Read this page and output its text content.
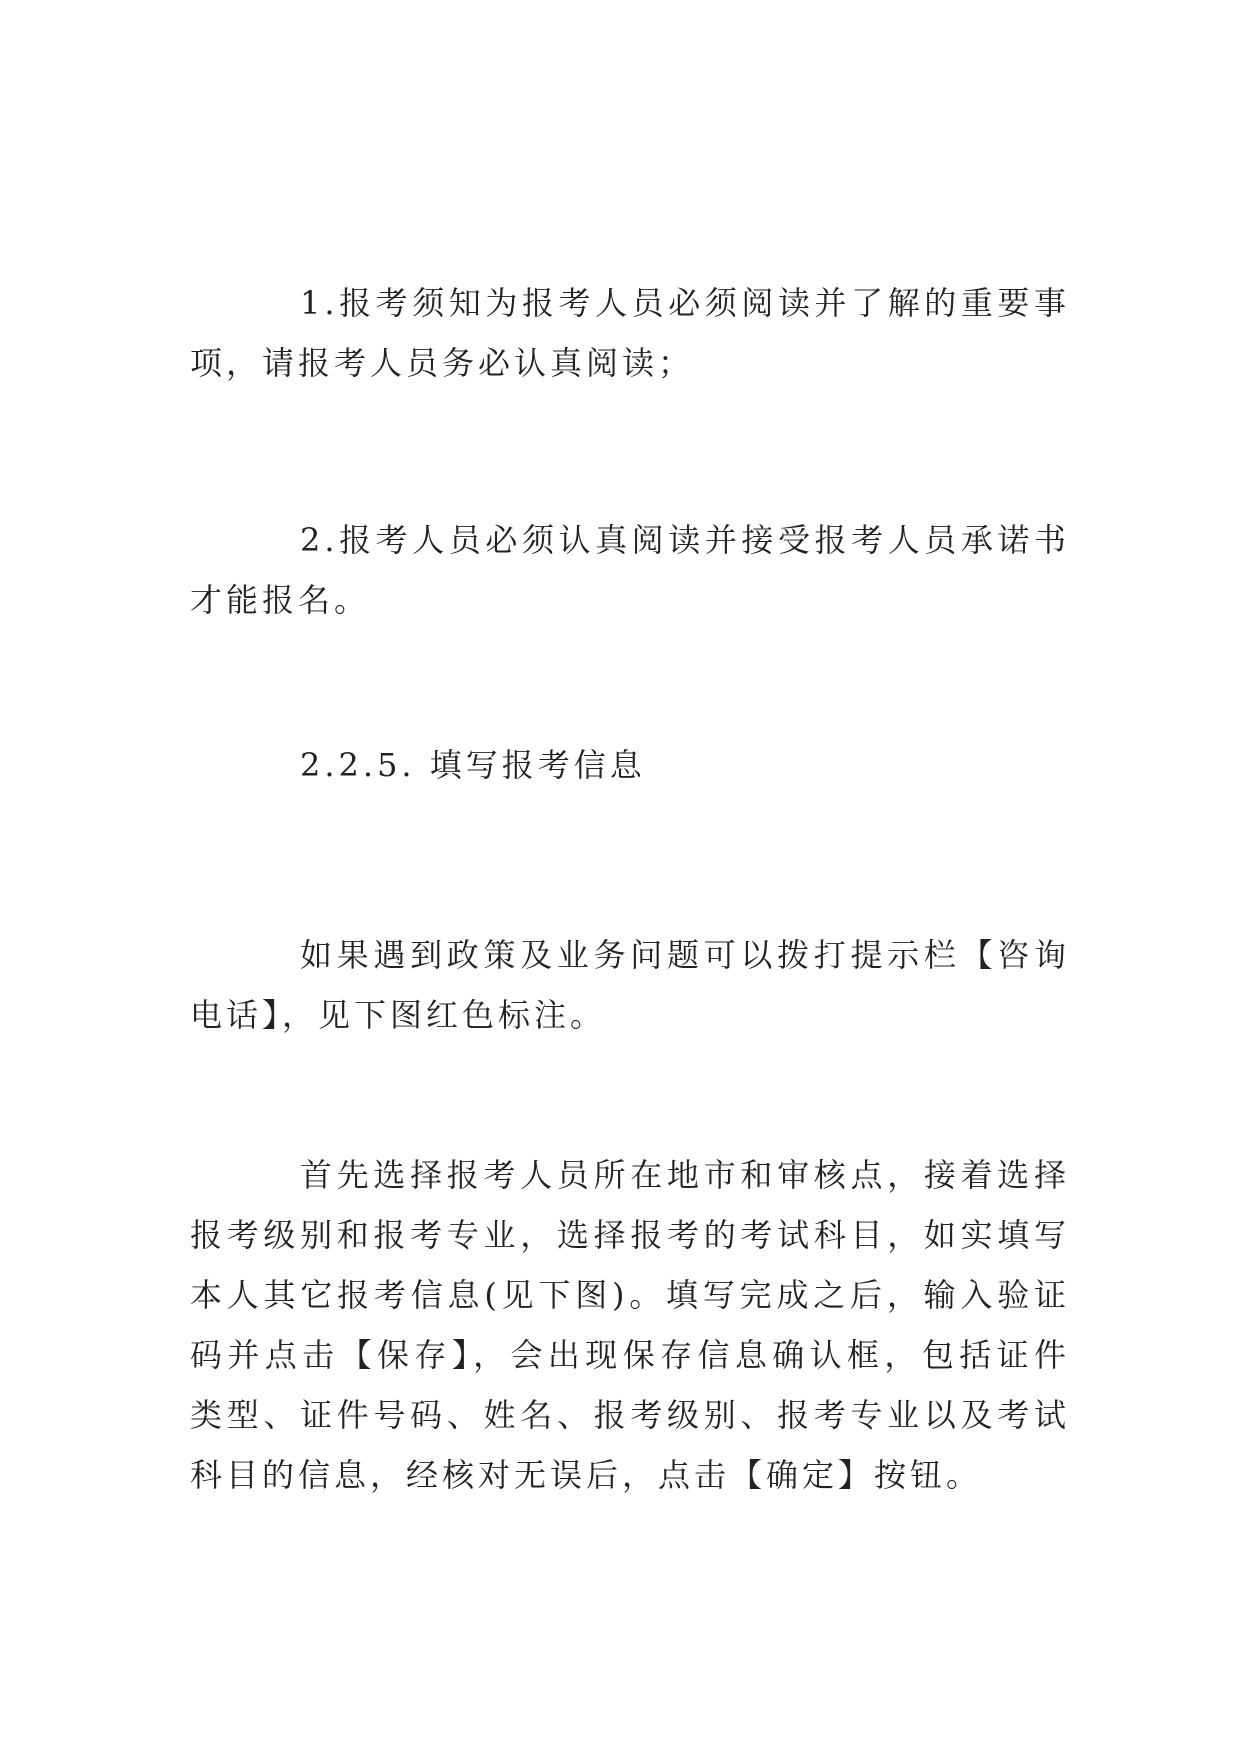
1.报考须知为报考人员必须阅读并了解的重要事项，请报考人员务必认真阅读；

2.报考人员必须认真阅读并接受报考人员承诺书才能报名。

2.2.5. 填写报考信息

如果遇到政策及业务问题可以拨打提示栏【咨询电话】，见下图红色标注。

首先选择报考人员所在地市和审核点，接着选择报考级别和报考专业，选择报考的考试科目，如实填写本人其它报考信息(见下图)。填写完成之后，输入验证码并点击【保存】，会出现保存信息确认框，包括证件类型、证件号码、姓名、报考级别、报考专业以及考试科目的信息，经核对无误后，点击【确定】按钮。
